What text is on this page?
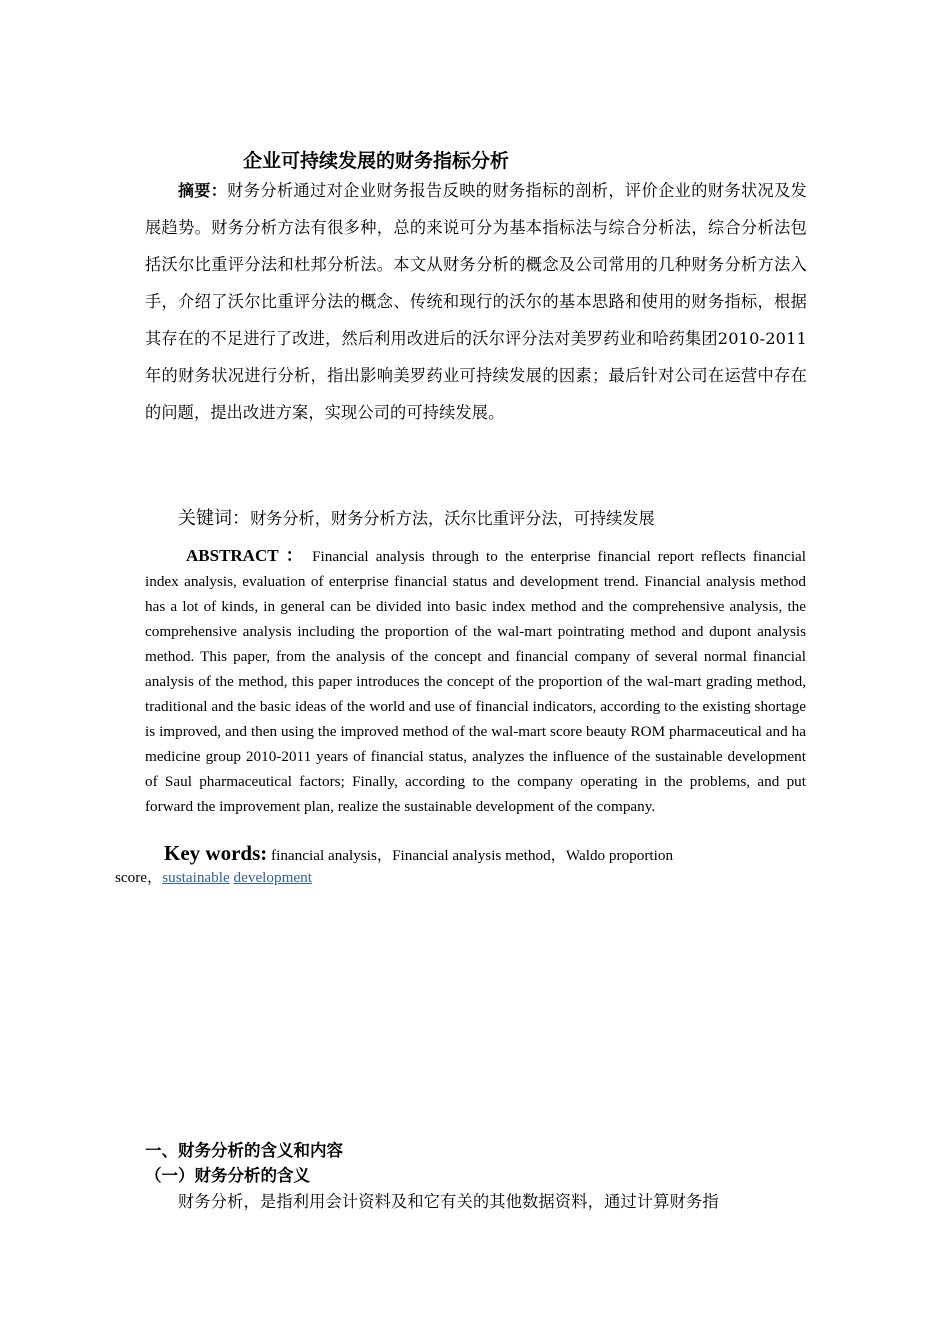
企业可持续发展的财务指标分析
摘要：财务分析通过对企业财务报告反映的财务指标的剖析，评价企业的财务状况及发展趋势。财务分析方法有很多种，总的来说可分为基本指标法与综合分析法，综合分析法包括沃尔比重评分法和杜邦分析法。本文从财务分析的概念及公司常用的几种财务分析方法入手，介绍了沃尔比重评分法的概念、传统和现行的沃尔的基本思路和使用的财务指标，根据其存在的不足进行了改进，然后利用改进后的沃尔评分法对美罗药业和哈药集团2010-2011年的财务状况进行分析，指出影响美罗药业可持续发展的因素；最后针对公司在运营中存在的问题，提出改进方案，实现公司的可持续发展。
关键词：财务分析，财务分析方法，沃尔比重评分法，可持续发展
ABSTRACT ： Financial analysis through to the enterprise financial report reflects financial index analysis, evaluation of enterprise financial status and development trend. Financial analysis method has a lot of kinds, in general can be divided into basic index method and the comprehensive analysis, the comprehensive analysis including the proportion of the wal-mart pointrating method and dupont analysis method. This paper, from the analysis of the concept and financial company of several normal financial analysis of the method, this paper introduces the concept of the proportion of the wal-mart grading method, traditional and the basic ideas of the world and use of financial indicators, according to the existing shortage is improved, and then using the improved method of the wal-mart score beauty ROM pharmaceutical and ha medicine group 2010-2011 years of financial status, analyzes the influence of the sustainable development of Saul pharmaceutical factors; Finally, according to the company operating in the problems, and put forward the improvement plan, realize the sustainable development of the company.
Key words: financial analysis，Financial analysis method，Waldo proportion
score，sustainable development
一、财务分析的含义和内容
（一）财务分析的含义
财务分析，是指利用会计资料及和它有关的其他数据资料，通过计算财务指
